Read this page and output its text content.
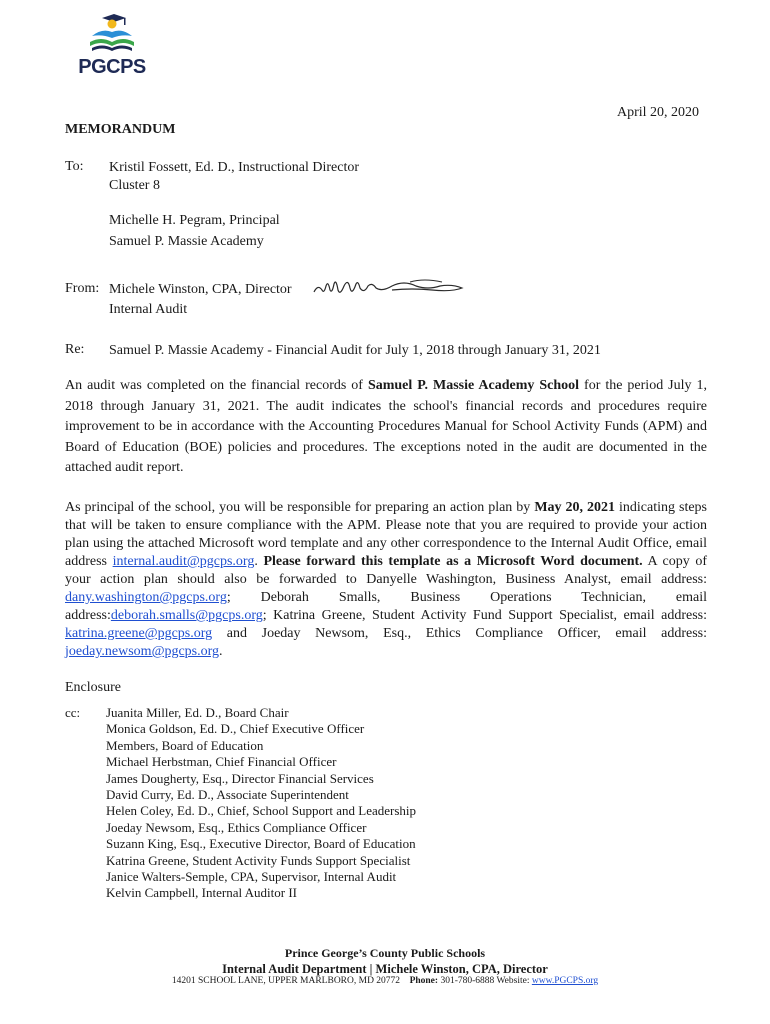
PGCPS
April 20, 2020
MEMORANDUM
To: Kristil Fossett, Ed. D., Instructional Director
Cluster 8
Michelle H. Pegram, Principal
Samuel P. Massie Academy
From: Michele Winston, CPA, Director
Internal Audit
Re: Samuel P. Massie Academy - Financial Audit for July 1, 2018 through January 31, 2021

An audit was completed on the financial records of Samuel P. Massie Academy School for the period July 1, 2018 through January 31, 2021. The audit indicates the school's financial records and procedures require improvement to be in accordance with the Accounting Procedures Manual for School Activity Funds (APM) and Board of Education (BOE) policies and procedures. The exceptions noted in the audit are documented in the attached audit report.

As principal of the school, you will be responsible for preparing an action plan by May 20, 2021 indicating steps that will be taken to ensure compliance with the APM. Please note that you are required to provide your action plan using the attached Microsoft word template and any other correspondence to the Internal Audit Office, email address internal.audit@pgcps.org. Please forward this template as a Microsoft Word document. A copy of your action plan should also be forwarded to Danyelle Washington, Business Analyst, email address: dany.washington@pgcps.org; Deborah Smalls, Business Operations Technician, email address:deborah.smalls@pgcps.org; Katrina Greene, Student Activity Fund Support Specialist, email address: katrina.greene@pgcps.org and Joeday Newsom, Esq., Ethics Compliance Officer, email address: joeday.newsom@pgcps.org.

Enclosure
cc: Juanita Miller, Ed. D., Board Chair
Monica Goldson, Ed. D., Chief Executive Officer
Members, Board of Education
Michael Herbstman, Chief Financial Officer
James Dougherty, Esq., Director Financial Services
David Curry, Ed. D., Associate Superintendent
Helen Coley, Ed. D., Chief, School Support and Leadership
Joeday Newsom, Esq., Ethics Compliance Officer
Suzann King, Esq., Executive Director, Board of Education
Katrina Greene, Student Activity Funds Support Specialist
Janice Walters-Semple, CPA, Supervisor, Internal Audit
Kelvin Campbell, Internal Auditor II
Prince George’s County Public Schools
Internal Audit Department | Michele Winston, CPA, Director
14201 SCHOOL LANE, UPPER MARLBORO, MD 20772 Phone: 301-780-6888 Website: www.PGCPS.org
